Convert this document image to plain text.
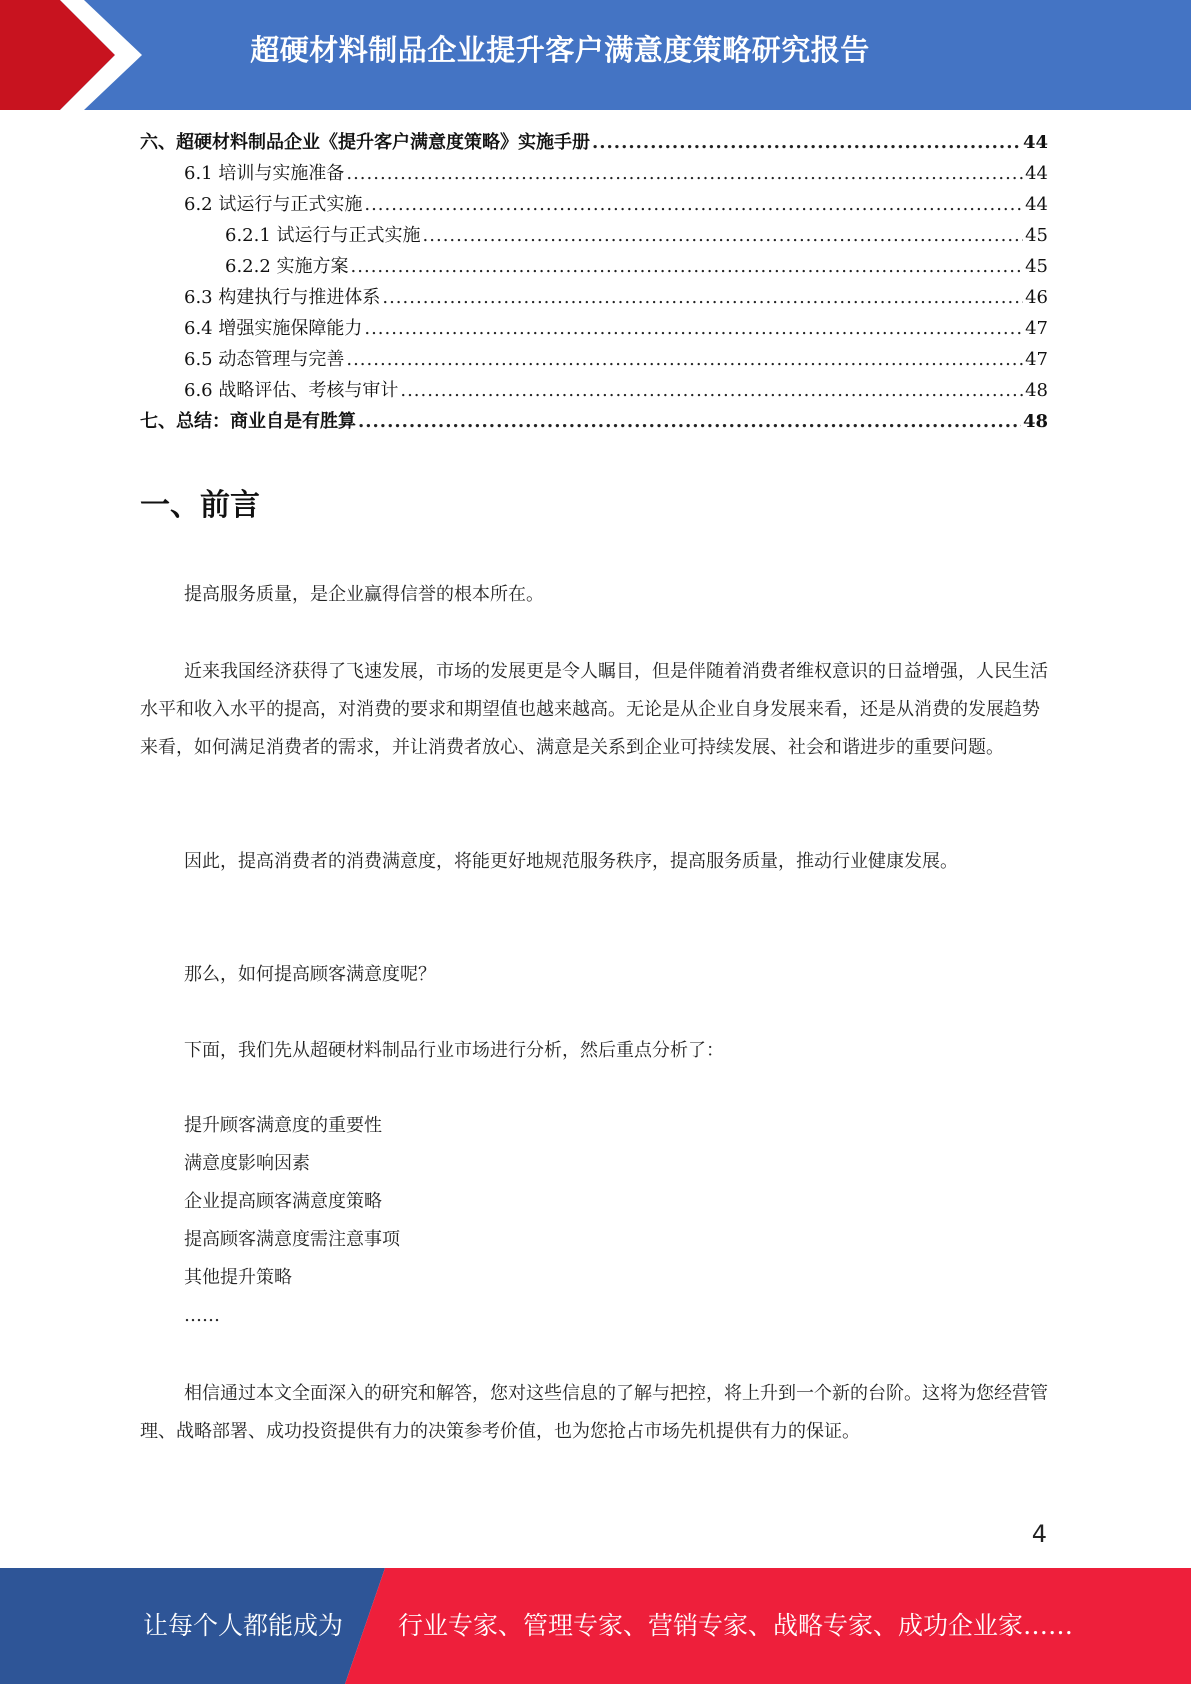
超硬材料制品企业提升客户满意度策略研究报告
六、超硬材料制品企业《提升客户满意度策略》实施手册 .....	44
6.1 培训与实施准备 .....	44
6.2 试运行与正式实施 .....	44
6.2.1 试运行与正式实施 .....	45
6.2.2 实施方案 .....	45
6.3 构建执行与推进体系 .....	46
6.4 增强实施保障能力 .....	47
6.5 动态管理与完善 .....	47
6.6 战略评估、考核与审计 .....	48
七、总结：商业自是有胜算 .....	48
一、前言

提高服务质量，是企业赢得信誉的根本所在。

近来我国经济获得了飞速发展，市场的发展更是令人瞩目，但是伴随着消费者维权意识的日益增强，人民生活水平和收入水平的提高，对消费的要求和期望值也越来越高。无论是从企业自身发展来看，还是从消费的发展趋势来看，如何满足消费者的需求，并让消费者放心、满意是关系到企业可持续发展、社会和谐进步的重要问题。

因此，提高消费者的消费满意度，将能更好地规范服务秩序，提高服务质量，推动行业健康发展。

那么，如何提高顾客满意度呢？

下面，我们先从超硬材料制品行业市场进行分析，然后重点分析了：

提升顾客满意度的重要性
满意度影响因素
企业提高顾客满意度策略
提高顾客满意度需注意事项
其他提升策略
……

相信通过本文全面深入的研究和解答，您对这些信息的了解与把控，将上升到一个新的台阶。这将为您经营管理、战略部署、成功投资提供有力的决策参考价值，也为您抢占市场先机提供有力的保证。

4
让每个人都能成为 行业专家、管理专家、营销专家、战略专家、成功企业家……
